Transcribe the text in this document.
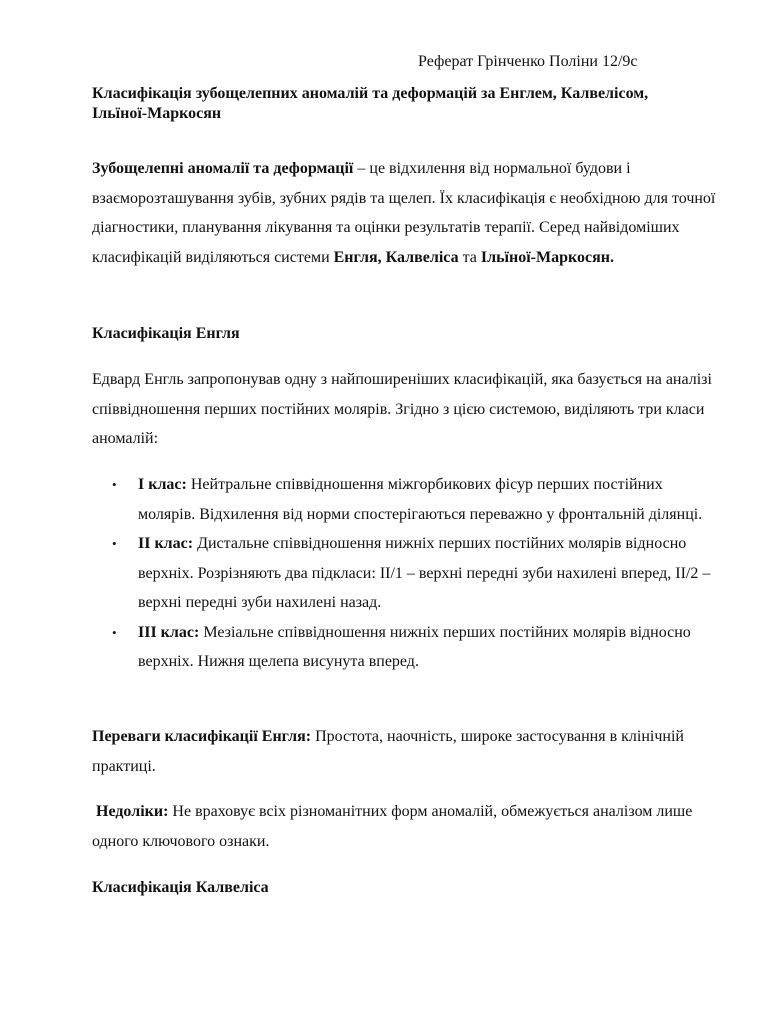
Реферат Грінченко Поліни 12/9с
Класифікація зубощелепних аномалій та деформацій за Енглем, Калвелісом, Ільїної-Маркосян

Зубощелепні аномалії та деформації – це відхилення від нормальної будови і взаєморозташування зубів, зубних рядів та щелеп. Їх класифікація є необхідною для точної діагностики, планування лікування та оцінки результатів терапії. Серед найвідоміших класифікацій виділяються системи Енгля, Калвеліса та Ільїної-Маркосян.

Класифікація Енгля

Едвард Енгль запропонував одну з найпоширеніших класифікацій, яка базується на аналізі співвідношення перших постійних молярів. Згідно з цією системою, виділяють три класи аномалій:

• I клас: Нейтральне співвідношення міжгорбикових фісур перших постійних молярів. Відхилення від норми спостерігаються переважно у фронтальній ділянці.
• II клас: Дистальне співвідношення нижніх перших постійних молярів відносно верхніх. Розрізняють два підкласи: II/1 – верхні передні зуби нахилені вперед, II/2 – верхні передні зуби нахилені назад.
• III клас: Мезіальне співвідношення нижніх перших постійних молярів відносно верхніх. Нижня щелепа висунута вперед.

Переваги класифікації Енгля: Простота, наочність, широке застосування в клінічній практиці.

Недоліки: Не враховує всіх різноманітних форм аномалій, обмежується аналізом лише одного ключового ознаки.

Класифікація Калвеліса
